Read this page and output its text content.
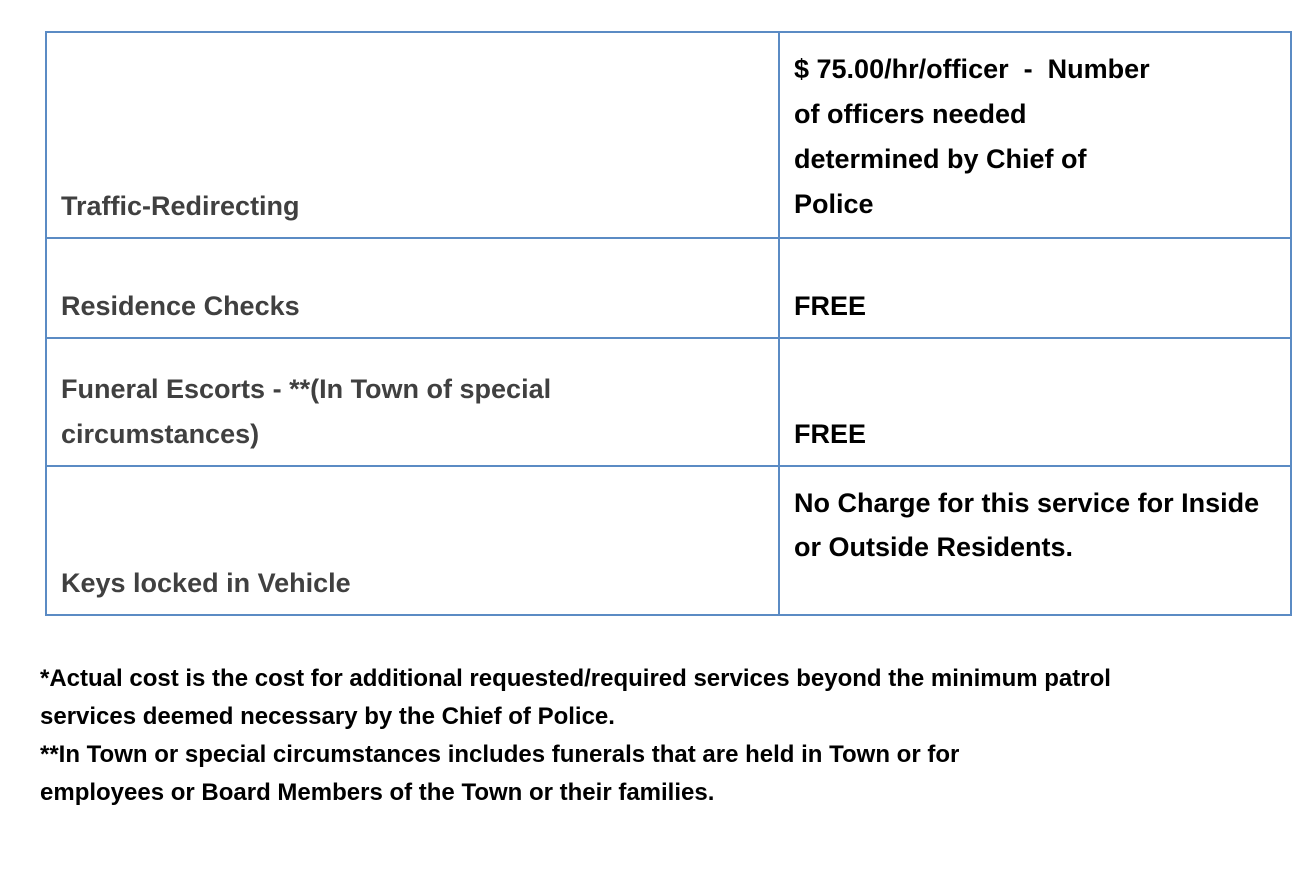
Traffic-Redirecting	$ 75.00/hr/officer  -  Number
of officers needed
determined by Chief of
Police

Residence Checks	FREE

Funeral Escorts - **(In Town of special
circumstances)	FREE
Keys locked in Vehicle	No Charge for this service for Inside
or Outside Residents.

*Actual cost is the cost for additional requested/required services beyond the minimum patrol
services deemed necessary by the Chief of Police.

**In Town or special circumstances includes funerals that are held in Town or for
employees or Board Members of the Town or their families.
